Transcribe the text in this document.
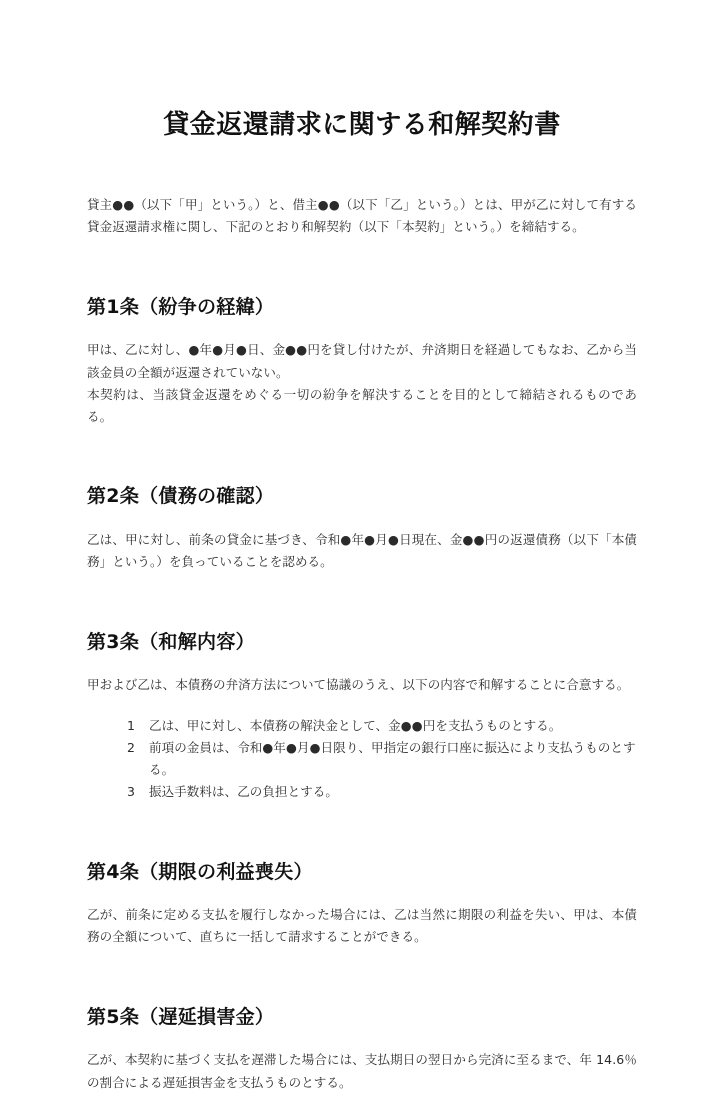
貸金返還請求に関する和解契約書

貸主●●（以下「甲」という。）と、借主●●（以下「乙」という。）とは、甲が乙に対して有する貸金返還請求権に関し、下記のとおり和解契約（以下「本契約」という。）を締結する。

第1条（紛争の経緯）

甲は、乙に対し、●年●月●日、金●●円を貸し付けたが、弁済期日を経過してもなお、乙から当該金員の全額が返還されていない。

本契約は、当該貸金返還をめぐる一切の紛争を解決することを目的として締結されるものである。

第2条（債務の確認）

乙は、甲に対し、前条の貸金に基づき、令和●年●月●日現在、金●●円の返還債務（以下「本債務」という。）を負っていることを認める。

第3条（和解内容）

甲および乙は、本債務の弁済方法について協議のうえ、以下の内容で和解することに合意する。

1	乙は、甲に対し、本債務の解決金として、金●●円を支払うものとする。
2	前項の金員は、令和●年●月●日限り、甲指定の銀行口座に振込により支払うものとする。
3	振込手数料は、乙の負担とする。
第4条（期限の利益喪失）

乙が、前条に定める支払を履行しなかった場合には、乙は当然に期限の利益を失い、甲は、本債務の全額について、直ちに一括して請求することができる。

第5条（遅延損害金）

乙が、本契約に基づく支払を遅滞した場合には、支払期日の翌日から完済に至るまで、年 14.6％の割合による遅延損害金を支払うものとする。
